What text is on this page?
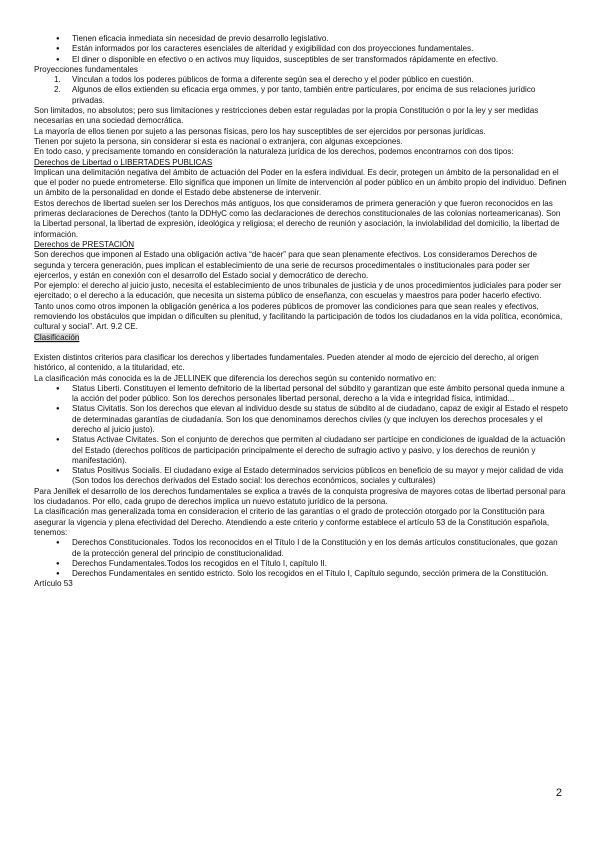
● Tienen eficacia inmediata sin necesidad de previo desarrollo legislativo.
● Están informados por los caracteres esenciales de alteridad y exigibilidad con dos proyecciones fundamentales.
● El diner o disponible en efectivo o en activos muy líquidos, susceptibles de ser transformados rápidamente en efectivo.

Proyecciones fundamentales

1. Vinculan a todos los poderes públicos de forma a diferente según sea el derecho y el poder público en cuestión.
2. Algunos de ellos extienden su eficacia erga ommes, y por tanto, también entre particulares, por encima de sus relaciones jurídico privadas.

Son limitados, no absolutos; pero sus limitaciones y restricciones deben estar reguladas por la propia Constitución o por la ley y ser medidas necesarias en una sociedad democrática.

La mayoría de ellos tienen por sujeto a las personas físicas, pero los hay susceptibles de ser ejercidos por personas jurídicas.

Tienen por sujeto la persona, sin considerar si esta es nacional o extranjera, con algunas excepciones.

En todo caso, y precisamente tomando en consideración la naturaleza jurídica de los derechos, podemos encontrarnos con dos tipos:

Derechos de Libertad o LIBERTADES PUBLICAS

Implican una delimitación negativa del ámbito de actuación del Poder en la esfera individual. Es decir, protegen un ámbito de la personalidad en el que el poder no puede entrometerse. Ello significa que imponen un límite de intervención al poder público en un ámbito propio del individuo. Definen un ámbito de la personalidad en donde el Estado debe abstenerse de intervenir.

Estos derechos de libertad suelen ser los Derechos más antiguos, los que consideramos de primera generación y que fueron reconocidos en las primeras declaraciones de Derechos (tanto la DDHyC como las declaraciones de derechos constitucionales de las colonias norteamericanas). Son la Libertad personal, la libertad de expresión, ideológica y religiosa; el derecho de reunión y asociación, la inviolabilidad del domicilio, la libertad de información.

Derechos de PRESTACIÓN

Son derechos que imponen al Estado una obligación activa “de hacer” para que sean plenamente efectivos. Los consideramos Derechos de segunda y tercera generación, pues implican el establecimiento de una serie de recursos procedimentales o institucionales para poder ser ejercerlos, y están en conexión con el desarrollo del Estado social y democrático de derecho.

Por ejemplo: el derecho al juicio justo, necesita el establecimiento de unos tribunales de justicia y de unos procedimientos judiciales para poder ser ejercitado; o el derecho a la educación, que necesita un sistema público de enseñanza, con escuelas y maestros para poder hacerlo efectivo.

Tanto unos como otros imponen la obligación genérica a los poderes públicos de promover las condiciones para que sean reales y efectivos, removiendo los obstáculos que impidan o dificulten su plenitud, y facilitando la participación de todos los ciudadanos en la vida política, económica, cultural y social”. Art. 9.2 CE.

Clasificación

Existen distintos criterios para clasificar los derechos y libertades fundamentales. Pueden atender al modo de ejercicio del derecho, al origen histórico, al contenido, a la titularidad, etc.

La clasificación más conocida es la de JELLINEK que diferencia los derechos según su contenido normativo en:

● Status Liberti. Constituyen el lemento defnitorio de la libertad personal del súbdito y garantizan que este ámbito personal queda inmune a la acción del poder público. Son los derechos personales libertad personal, derecho a la vida e integridad física, intimidad...
● Status Civitatis. Son los derechos que elevan al individuo desde su status de súbdito al de ciudadano, capaz de exigir al Estado el respeto de determinadas garantías de ciudadanía. Son los que denominamos derechos civiles (y que incluyen los derechos procesales y el derecho al juicio justo).
● Status Activae Civitates. Son el conjunto de derechos que permiten al ciudadano ser partícipe en condiciones de igualdad de la actuación del Estado (derechos políticos de participación principalmente el derecho de sufragio activo y pasivo, y los derechos de reunión y manifestación).
● Status Positivus Socialis. El ciudadano exige al Estado determinados servicios públicos en beneficio de su mayor y mejor calidad de vida (Son todos los derechos derivados del Estado social: los derechos económicos, sociales y culturales)

Para Jenillek el desarrollo de los derechos fundamentales se explica a través de la conquista progresiva de mayores cotas de libertad personal para los ciudadanos. Por ello, cada grupo de derechos implica un nuevo estatuto jurídico de la persona.

La clasificación mas generalizada toma en consideracion el criterio de las garantías o el grado de protección otorgado por la Constitución para asegurar la vigencia y plena efectividad del Derecho. Atendiendo a este criterio y conforme establece el artículo 53 de la Constitución española, tenemos:

● Derechos Constitucionales. Todos los reconocidos en el Título I de la Constitución y en los demás artículos constitucionales, que gozan de la protección general del principio de constitucionalidad.
● Derechos Fundamentales.Todos los recogidos en el Título I, capítulo II.
● Derechos Fundamentales en sentido estricto. Solo los recogidos en el Título I, Capítulo segundo, sección primera de la Constitución.

Artículo 53

2
